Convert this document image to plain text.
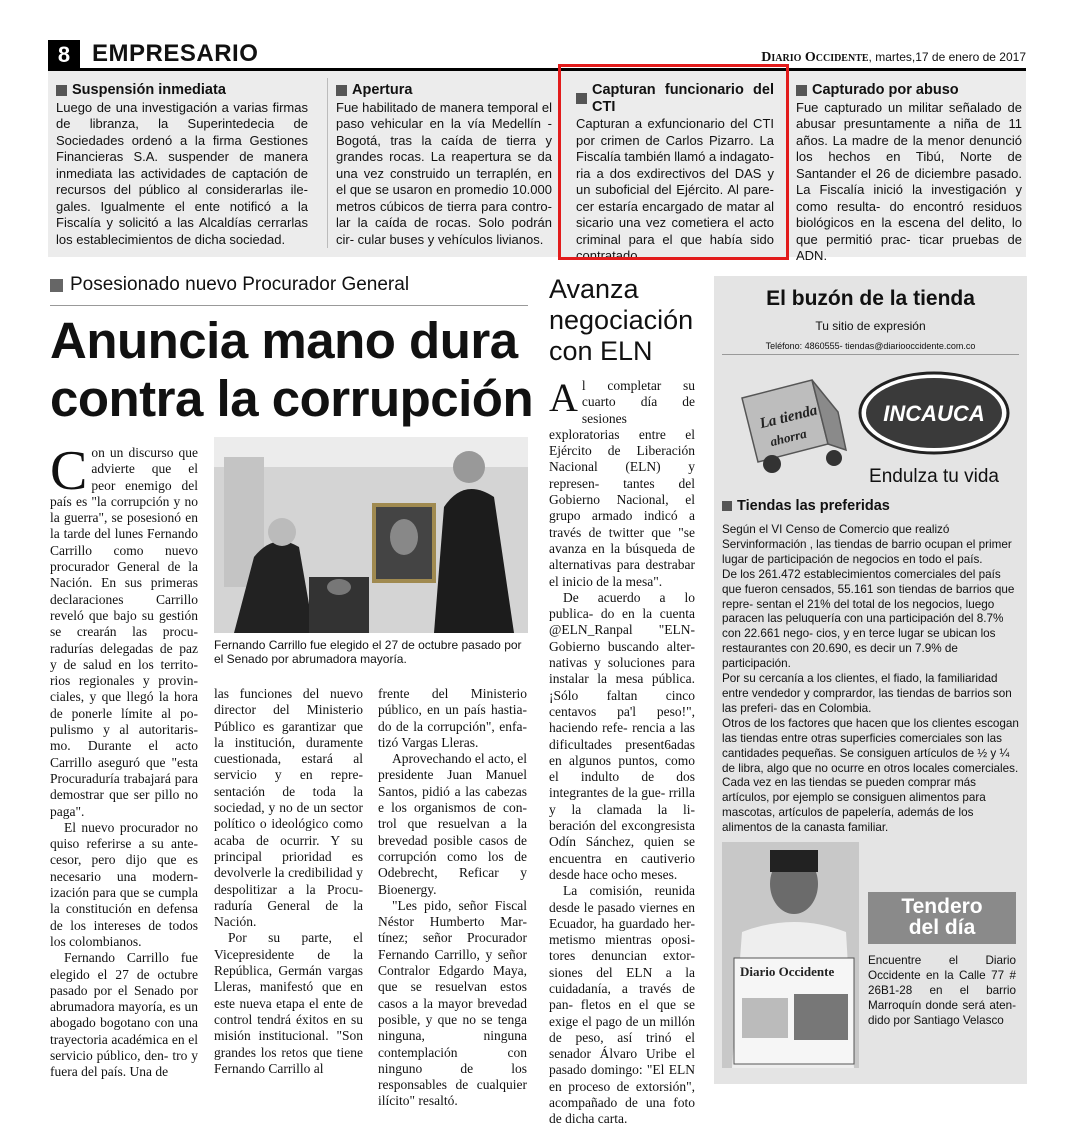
8 EMPRESARIO	Diario Occidente, martes,17 de enero de 2017
Suspensión inmediata

Luego de una investigación a varias firmas de libranza, la Superintedecia de Sociedades ordenó a la firma Gestiones Financieras S.A. suspender de manera inmediata las actividades de captación de recursos del público al considerarlas ile- gales. Igualmente el ente notificó a la Fiscalía y solicitó a las Alcaldías cerrarlas los establecimientos de dicha sociedad.

Apertura

Fue habilitado de manera temporal el paso vehicular en la vía Medellín - Bogotá, tras la caída de tierra y grandes rocas. La reapertura se da una vez construido un terraplén, en el que se usaron en promedio 10.000 metros cúbicos de tierra para contro- lar la caída de rocas. Solo podrán cir- cular buses y vehículos livianos.

Capturan funcionario del CTI

Capturan a exfuncionario del CTI por crimen de Carlos Pizarro. La Fiscalía también llamó a indagato- ria a dos exdirectivos del DAS y un suboficial del Ejército. Al pare- cer estaría encargado de matar al sicario una vez cometiera el acto criminal para el que había sido contratado.

Capturado por abuso

Fue capturado un militar señalado de abusar presuntamente a niña de 11 años. La madre de la menor denunció los hechos en Tibú, Norte de Santander el 26 de diciembre pasado. La Fiscalía inició la investigación y como resulta- do encontró residuos biológicos en la escena del delito, lo que permitió prac- ticar pruebas de ADN.

Posesionado nuevo Procurador General
Anuncia mano dura
contra la corrupción

Con un discurso que advierte que el peor enemigo del país es "la corrupción y no la guerra", se posesionó en la tarde del lunes Fernando Carrillo como nuevo procurador General de la Nación. En sus primeras declaraciones Carrillo reveló que bajo su gestión se crearán las procu- radurías delegadas de paz y de salud en los territo- rios regionales y provin- ciales, y que llegó la hora de ponerle límite al po- pulismo y al autoritaris- mo. Durante el acto Carrillo aseguró que "esta Procuraduría trabajará para demostrar que ser pillo no paga".

El nuevo procurador no quiso referirse a su ante- cesor, pero dijo que es necesario una modern- ización para que se cumpla la constitución en defensa de los intereses de todos los colombianos.

Fernando Carrillo fue elegido el 27 de octubre pasado por el Senado por abrumadora mayoría, es un abogado bogotano con una trayectoria académica en el servicio público, den- tro y fuera del país. Una de

Fernando Carrillo fue elegido el 27 de octubre pasado por el Senado por abrumadora mayoría.

las funciones del nuevo director del Ministerio Público es garantizar que la institución, duramente cuestionada, estará al servicio y en repre- sentación de toda la sociedad, y no de un sector político o ideológico como acaba de ocurrir. Y su principal prioridad es devolverle la credibilidad y despolitizar a la Procu- raduría General de la Nación.

Por su parte, el Vicepresidente de la República, Germán vargas Lleras, manifestó que en este nueva etapa el ente de control tendrá éxitos en su misión institucional. "Son grandes los retos que tiene Fernando Carrillo al

frente del Ministerio público, en un país hastia- do de la corrupción", enfa- tizó Vargas Lleras.

Aprovechando el acto, el presidente Juan Manuel Santos, pidió a las cabezas e los organismos de con- trol que resuelvan a la brevedad posible casos de corrupción como los de Odebrecht, Reficar y Bioenergy.

"Les pido, señor Fiscal Néstor Humberto Mar- tínez; señor Procurador Fernando Carrillo, y señor Contralor Edgardo Maya, que se resuelvan estos casos a la mayor brevedad posible, y que no se tenga ninguna, ninguna contemplación con ninguno de los responsables de cualquier ilícito" resaltó.

Avanza negociación con ELN

Al completar su cuarto día de sesiones exploratorias entre el Ejército de Liberación Nacional (ELN) y represen- tantes del Gobierno Nacional, el grupo armado indicó a través de twitter que "se avanza en la búsqueda de alternativas para destrabar el inicio de la mesa".

De acuerdo a lo publica- do en la cuenta @ELN_Ranpal "ELN- Gobierno buscando alter- nativas y soluciones para instalar la mesa pública. ¡Sólo faltan cinco centavos pa'l peso!", haciendo refe- rencia a las dificultades present6adas en algunos puntos, como el indulto de dos integrantes de la gue- rrilla y la clamada la li- beración del excongresista Odín Sánchez, quien se encuentra en cautiverio desde hace ocho meses.

La comisión, reunida desde le pasado viernes en Ecuador, ha guardado her- metismo mientras oposi- tores denuncian extor- siones del ELN a la cuidadanía, a través de pan- fletos en el que se exige el pago de un millón de peso, así trinó el senador Álvaro Uribe el pasado domingo: "El ELN en proceso de extorsión", acompañado de una foto de dicha carta.

El buzón de la tienda
Tu sitio de expresión
Teléfono: 4860555- tiendas@diariooccidente.com.co
La tienda
ahorra
INCAUCA
Endulza tu vida
Tiendas las preferidas

Según el VI Censo de Comercio que realizó Servinformación , las tiendas de barrio ocupan el primer lugar de participación de negocios en todo el país.

De los 261.472 establecimientos comerciales del país que fueron censados, 55.161 son tiendas de barrios que repre- sentan el 21% del total de los negocios, luego paracen las peluquería con una participación del 8.7% con 22.661 nego- cios, y en terce lugar se ubican los restaurantes con 20.690, es decir un 7.9% de participación.

Por su cercanía a los clientes, el fiado, la familiaridad entre vendedor y comprardor, las tiendas de barrios son las preferi- das en Colombia.

Otros de los factores que hacen que los clientes escogan las tiendas entre otras superficies comerciales son las cantidades pequeñas. Se consiguen artículos de ½ y ¼ de libra, algo que no ocurre en otros locales comerciales.

Cada vez en las tiendas se pueden comprar más artículos, por ejemplo se consiguen alimentos para mascotas, artículos de papelería, además de los alimentos de la canasta familiar.

Diario Occidente
Tendero
del día
Encuentre el Diario Occidente en la Calle 77 # 26B1-28 en el barrio Marroquín donde será aten- dido por Santiago Velasco
